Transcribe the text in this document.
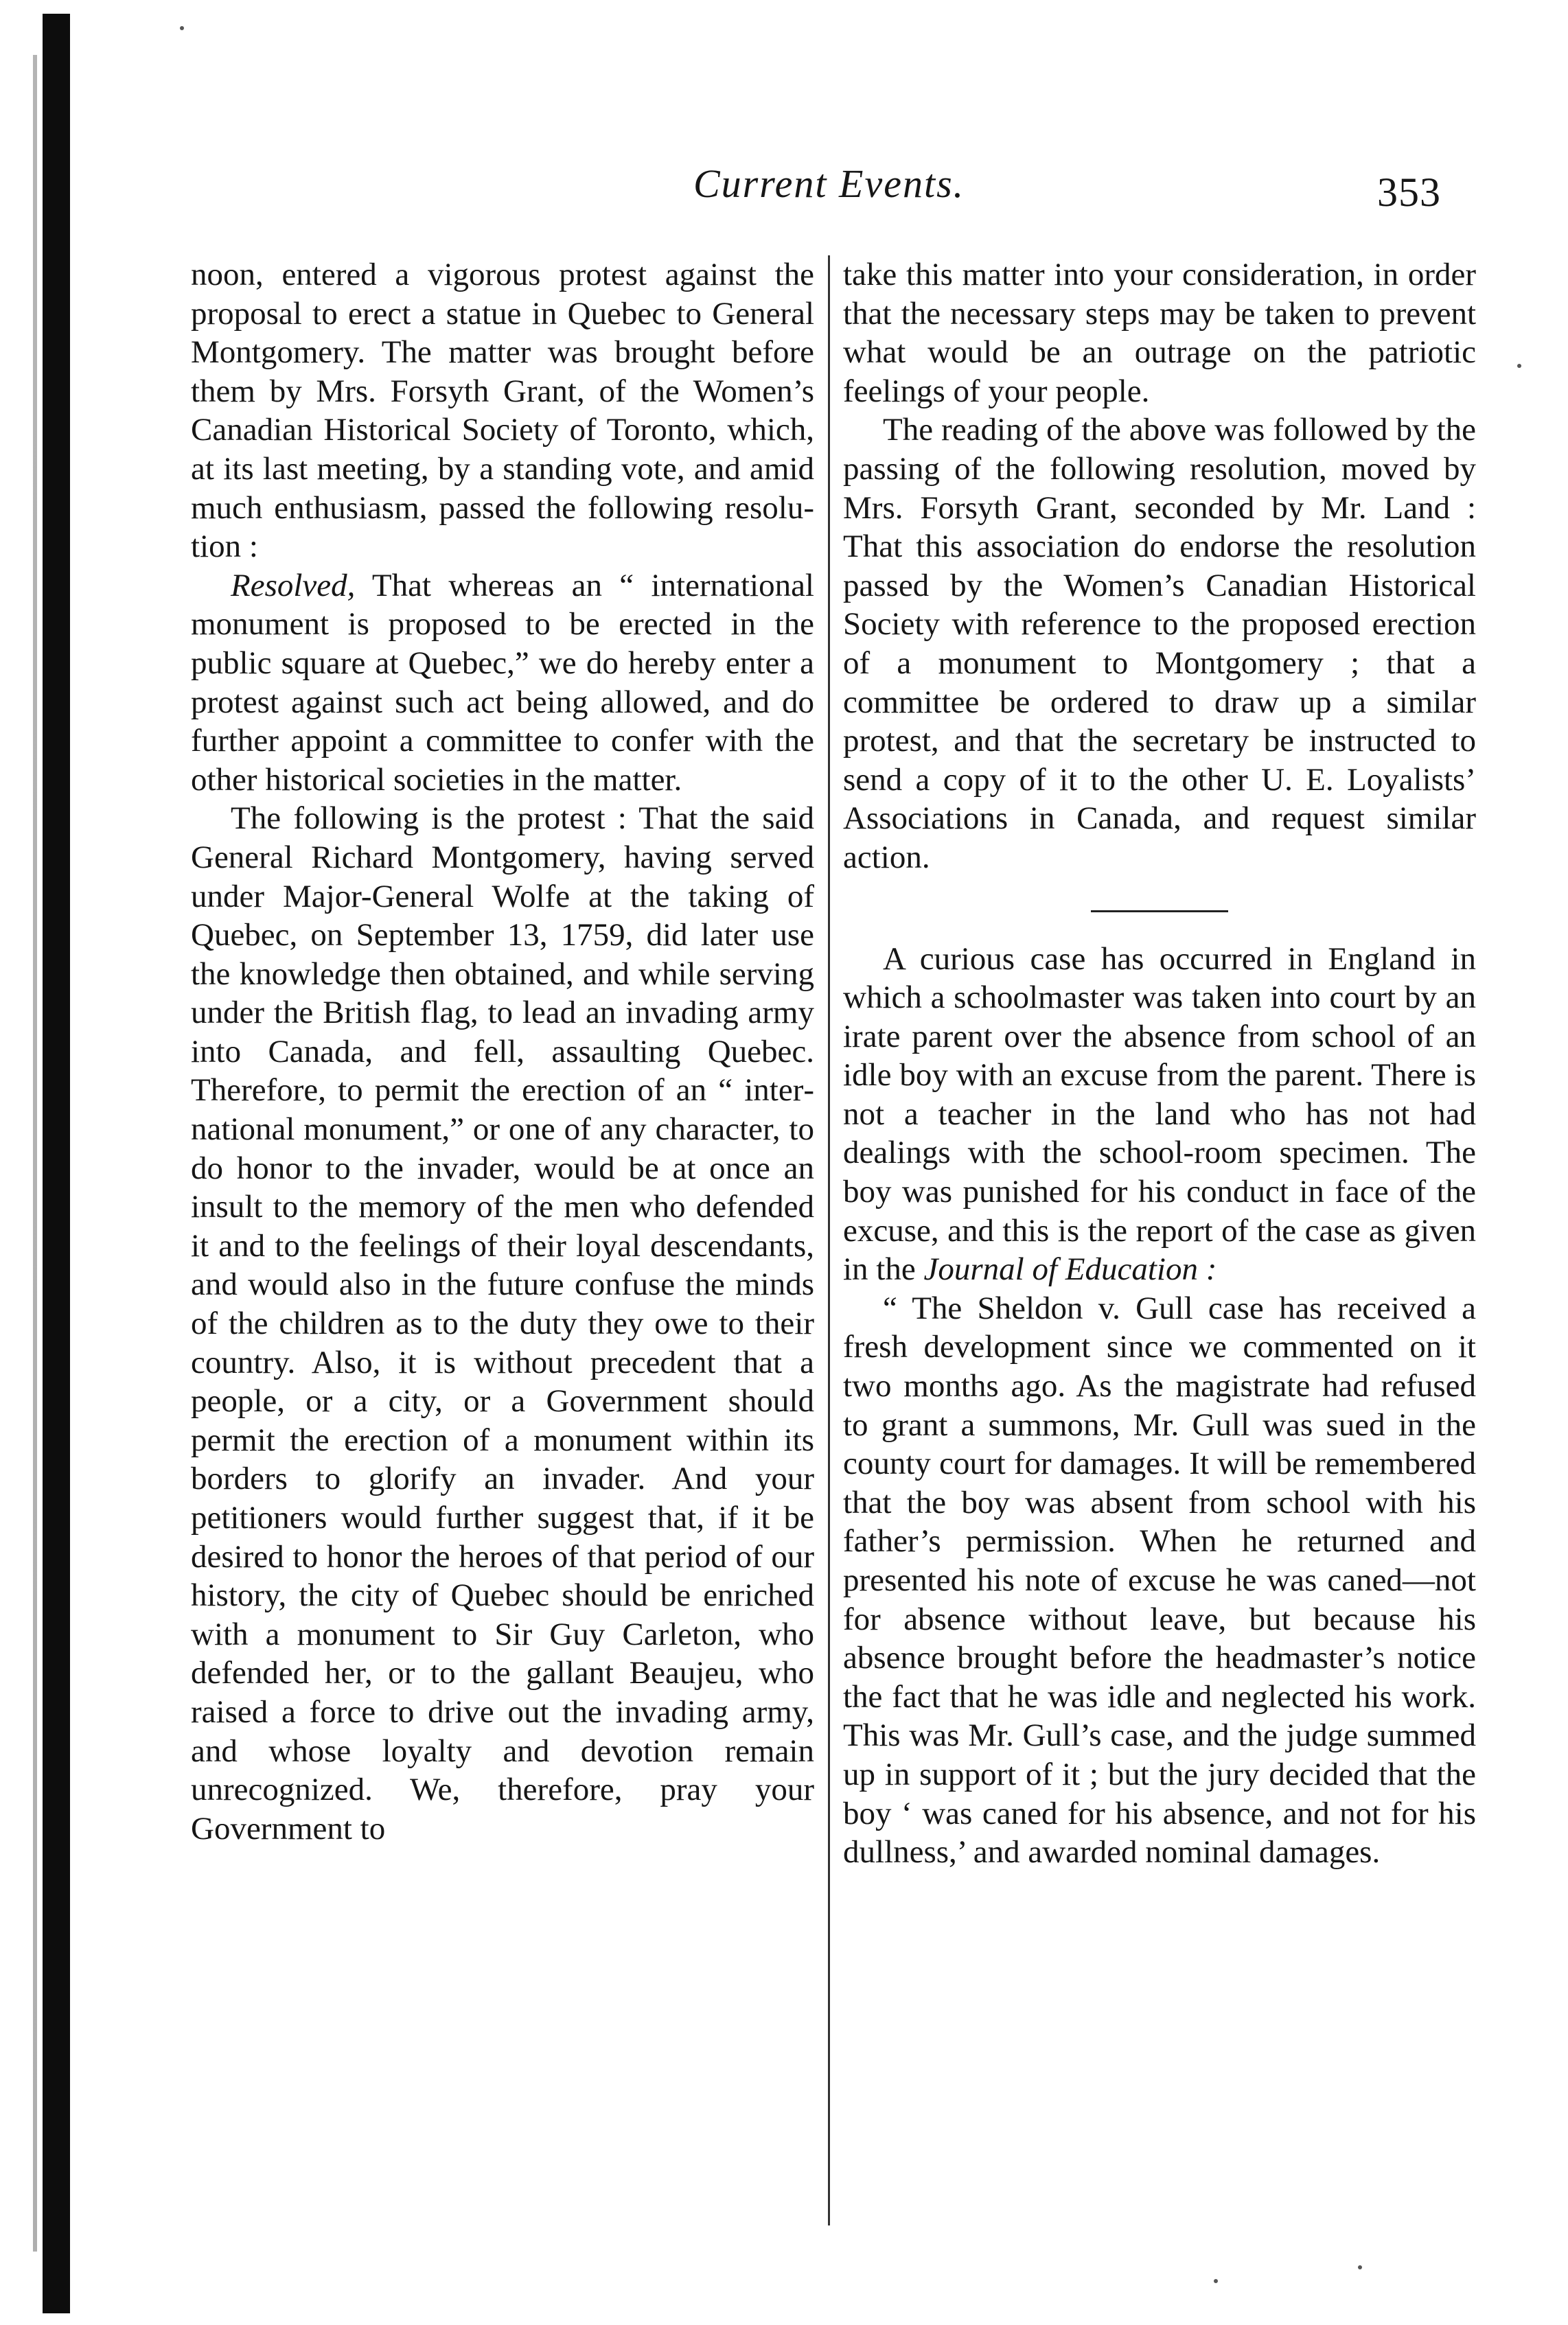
Current Events.	353

noon, entered a vigorous protest against the proposal to erect a statue in Quebec to General Montgomery. The matter was brought before them by Mrs. Forsyth Grant, of the Women’s Canadian Historical Society of Toronto, which, at its last meeting, by a standing vote, and amid much enthusiasm, passed the following resolution :

Resolved, That whereas an “ international monument is proposed to be erected in the public square at Quebec,” we do hereby enter a protest against such act being allowed, and do further appoint a committee to confer with the other historical societies in the matter.

The following is the protest : That the said General Richard Montgomery, having served under Major-General Wolfe at the taking of Quebec, on September 13, 1759, did later use the knowledge then obtained, and while serving under the British flag, to lead an invading army into Canada, and fell, assaulting Quebec. Therefore, to permit the erection of an “ international monument,” or one of any character, to do honor to the invader, would be at once an insult to the memory of the men who defended it and to the feelings of their loyal descendants, and would also in the future confuse the minds of the children as to the duty they owe to their country. Also, it is without precedent that a people, or a city, or a Government should permit the erection of a monument within its borders to glorify an invader. And your petitioners would further suggest that, if it be desired to honor the heroes of that period of our history, the city of Quebec should be enriched with a monument to Sir Guy Carleton, who defended her, or to the gallant Beaujeu, who raised a force to drive out the invading army, and whose loyalty and devotion remain unrecognized. We, therefore, pray your Government to

take this matter into your consideration, in order that the necessary steps may be taken to prevent what would be an outrage on the patriotic feelings of your people.

The reading of the above was followed by the passing of the following resolution, moved by Mrs. Forsyth Grant, seconded by Mr. Land : That this association do endorse the resolution passed by the Women’s Canadian Historical Society with reference to the proposed erection of a monument to Montgomery ; that a committee be ordered to draw up a similar protest, and that the secretary be instructed to send a copy of it to the other U. E. Loyalists’ Associations in Canada, and request similar action.

A curious case has occurred in England in which a schoolmaster was taken into court by an irate parent over the absence from school of an idle boy with an excuse from the parent. There is not a teacher in the land who has not had dealings with the school-room specimen. The boy was punished for his conduct in face of the excuse, and this is the report of the case as given in the Journal of Education :

“ The Sheldon v. Gull case has received a fresh development since we commented on it two months ago. As the magistrate had refused to grant a summons, Mr. Gull was sued in the county court for damages. It will be remembered that the boy was absent from school with his father’s permission. When he returned and presented his note of excuse he was caned—not for absence without leave, but because his absence brought before the headmaster’s notice the fact that he was idle and neglected his work. This was Mr. Gull’s case, and the judge summed up in support of it ; but the jury decided that the boy ‘ was caned for his absence, and not for his dullness,’ and awarded nominal damages.
